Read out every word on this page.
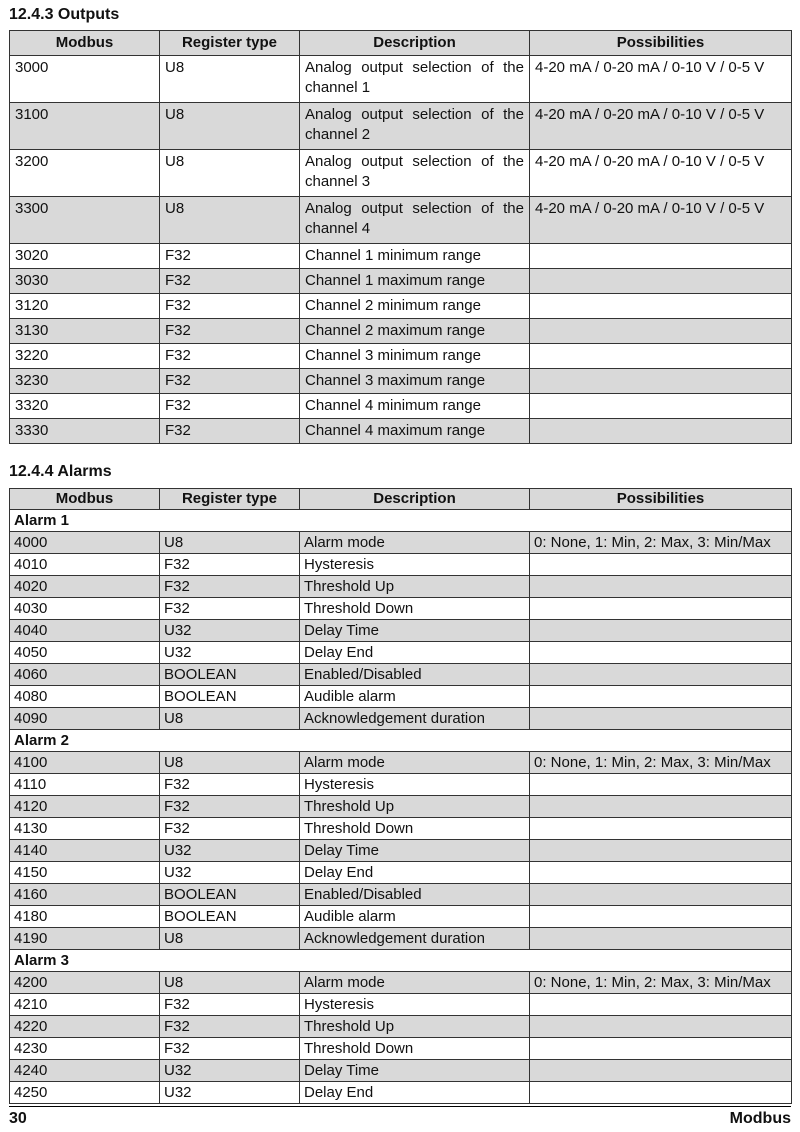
12.4.3 Outputs
Modbus	Register type	Description	Possibilities
3000	U8	Analog output selection of the channel 1	4-20 mA / 0-20 mA / 0-10 V / 0-5 V
3100	U8	Analog output selection of the channel 2	4-20 mA / 0-20 mA / 0-10 V / 0-5 V
3200	U8	Analog output selection of the channel 3	4-20 mA / 0-20 mA / 0-10 V / 0-5 V
3300	U8	Analog output selection of the channel 4	4-20 mA / 0-20 mA / 0-10 V / 0-5 V
3020	F32	Channel 1 minimum range	
3030	F32	Channel 1 maximum range	
3120	F32	Channel 2 minimum range	
3130	F32	Channel 2 maximum range	
3220	F32	Channel 3 minimum range	
3230	F32	Channel 3 maximum range	
3320	F32	Channel 4 minimum range	
3330	F32	Channel 4 maximum range	
12.4.4 Alarms
Modbus	Register type	Description	Possibilities
Alarm 1			
4000	U8	Alarm mode	0: None, 1: Min, 2: Max, 3: Min/Max
4010	F32	Hysteresis	
4020	F32	Threshold Up	
4030	F32	Threshold Down	
4040	U32	Delay Time	
4050	U32	Delay End	
4060	BOOLEAN	Enabled/Disabled	
4080	BOOLEAN	Audible alarm	
4090	U8	Acknowledgement duration	
Alarm 2			
4100	U8	Alarm mode	0: None, 1: Min, 2: Max, 3: Min/Max
4110	F32	Hysteresis	
4120	F32	Threshold Up	
4130	F32	Threshold Down	
4140	U32	Delay Time	
4150	U32	Delay End	
4160	BOOLEAN	Enabled/Disabled	
4180	BOOLEAN	Audible alarm	
4190	U8	Acknowledgement duration	
Alarm 3			
4200	U8	Alarm mode	0: None, 1: Min, 2: Max, 3: Min/Max
4210	F32	Hysteresis	
4220	F32	Threshold Up	
4230	F32	Threshold Down	
4240	U32	Delay Time	
4250	U32	Delay End	
30	Modbus
